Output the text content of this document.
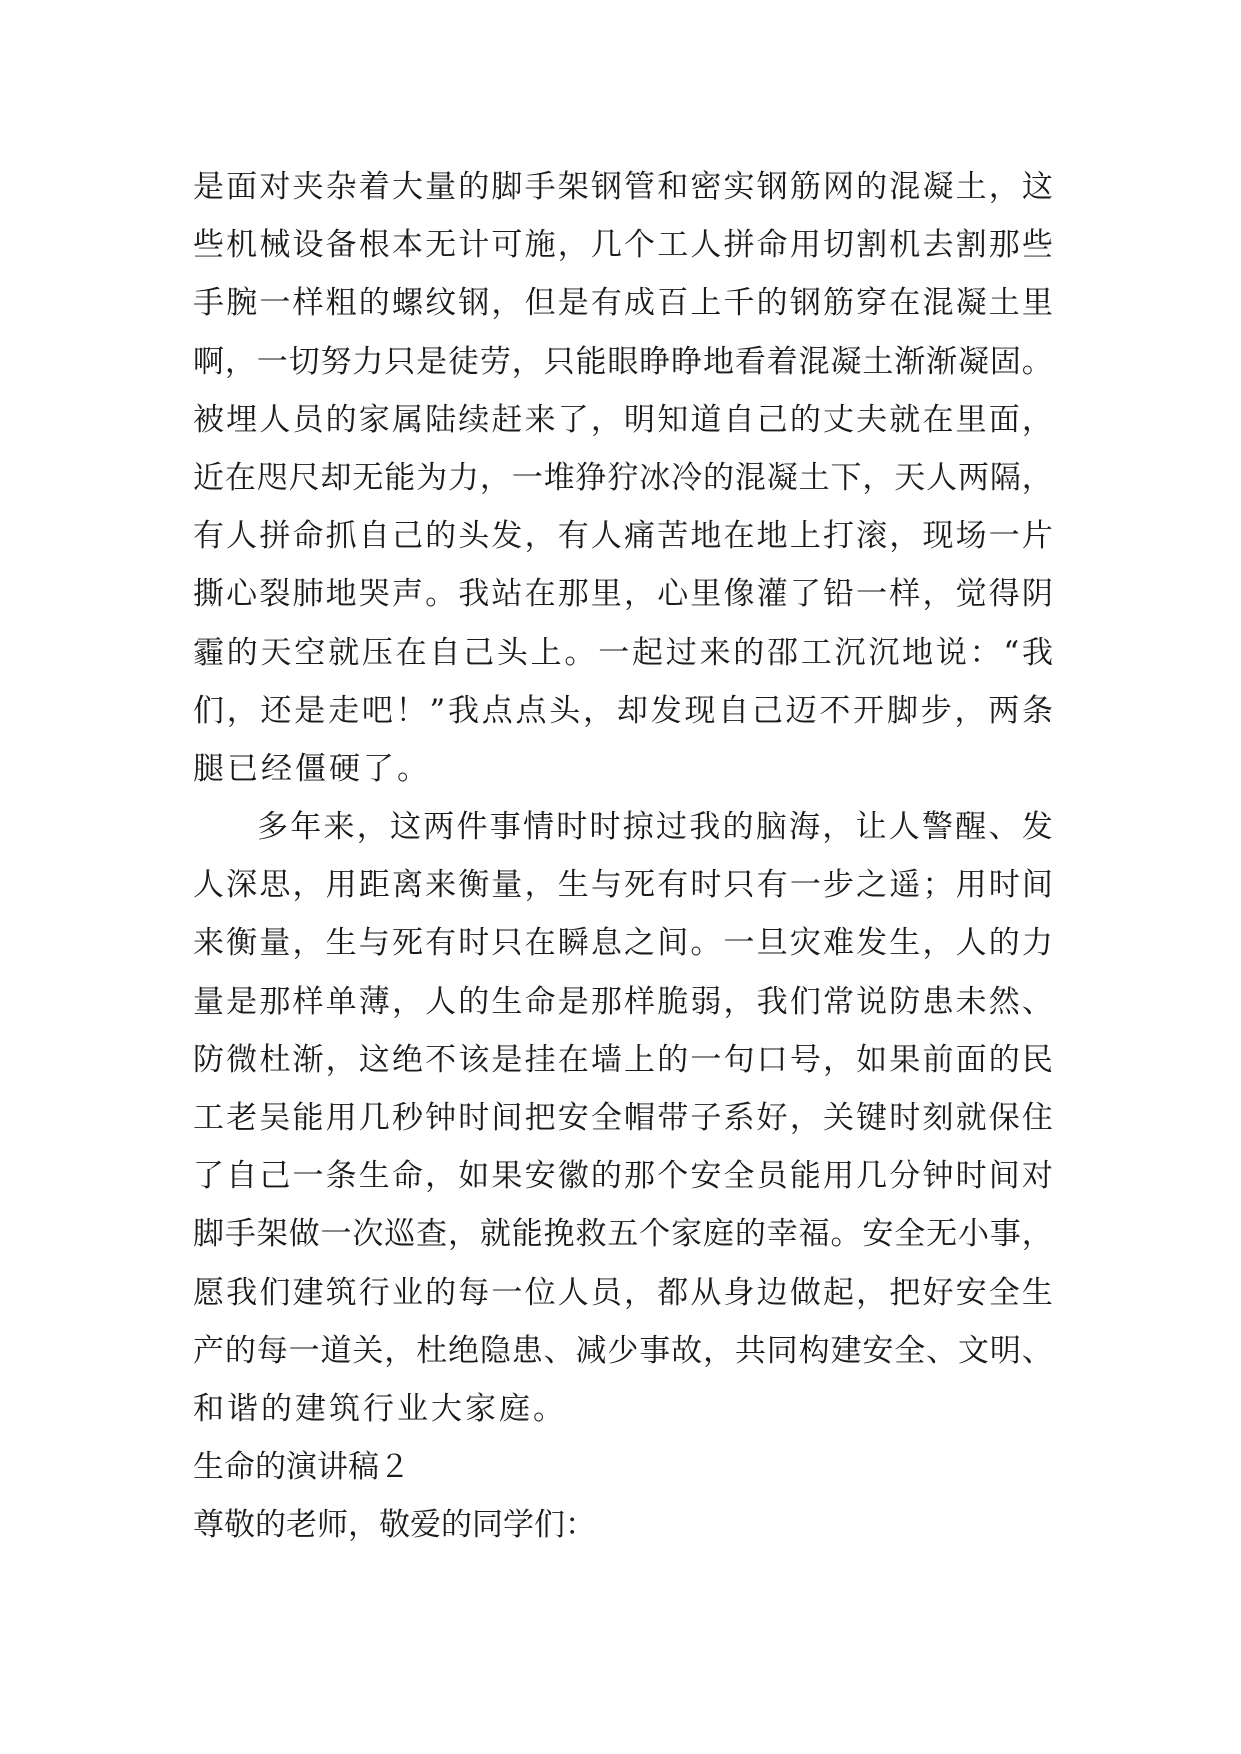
是 面 对 夹 杂 着 大 量 的 脚 手 架 钢 管 和 密 实 钢 筋 网 的 混 凝 土 ， 这
些 机 械 设 备 根 本 无 计 可 施 ， 几 个 工 人 拼 命 用 切 割 机 去 割 那 些
手 腕 一 样 粗 的 螺 纹 钢 ， 但 是 有 成 百 上 千 的 钢 筋 穿 在 混 凝 土 里
啊 ， 一 切 努 力 只 是 徒 劳 ， 只 能 眼 睁 睁 地 看 着 混 凝 土 渐 渐 凝 固 。
被 埋 人 员 的 家 属 陆 续 赶 来 了 ， 明 知 道 自 己 的 丈 夫 就 在 里 面 ，
近 在 咫 尺 却 无 能 为 力 ， 一 堆 狰 狞 冰 冷 的 混 凝 土 下 ， 天 人 两 隔 ，
有 人 拼 命 抓 自 己 的 头 发 ， 有 人 痛 苦 地 在 地 上 打 滚 ， 现 场 一 片
撕 心 裂 肺 地 哭 声 。 我 站 在 那 里 ， 心 里 像 灌 了 铅 一 样 ， 觉 得 阴
霾 的 天 空 就 压 在 自 己 头 上 。 一 起 过 来 的 邵 工 沉 沉 地 说 ： “ 我
们 ， 还 是 走 吧 ！ ” 我 点 点 头 ， 却 发 现 自 己 迈 不 开 脚 步 ， 两 条
腿 已 经 僵 硬 了 。
多 年 来 ， 这 两 件 事 情 时 时 掠 过 我 的 脑 海 ， 让 人 警 醒 、 发
人 深 思 ， 用 距 离 来 衡 量 ， 生 与 死 有 时 只 有 一 步 之 遥 ； 用 时 间
来 衡 量 ， 生 与 死 有 时 只 在 瞬 息 之 间 。 一 旦 灾 难 发 生 ， 人 的 力
量 是 那 样 单 薄 ， 人 的 生 命 是 那 样 脆 弱 ， 我 们 常 说 防 患 未 然 、
防 微 杜 渐 ， 这 绝 不 该 是 挂 在 墙 上 的 一 句 口 号 ， 如 果 前 面 的 民
工 老 吴 能 用 几 秒 钟 时 间 把 安 全 帽 带 子 系 好 ， 关 键 时 刻 就 保 住
了 自 己 一 条 生 命 ， 如 果 安 徽 的 那 个 安 全 员 能 用 几 分 钟 时 间 对
脚 手 架 做 一 次 巡 查 ， 就 能 挽 救 五 个 家 庭 的 幸 福 。 安 全 无 小 事 ，
愿 我 们 建 筑 行 业 的 每 一 位 人 员 ， 都 从 身 边 做 起 ， 把 好 安 全 生
产 的 每 一 道 关 ， 杜 绝 隐 患 、 减 少 事 故 ， 共 同 构 建 安 全 、 文 明 、
和 谐 的 建 筑 行 业 大 家 庭 。
生命的演讲稿２
尊敬的老师，敬爱的同学们：
